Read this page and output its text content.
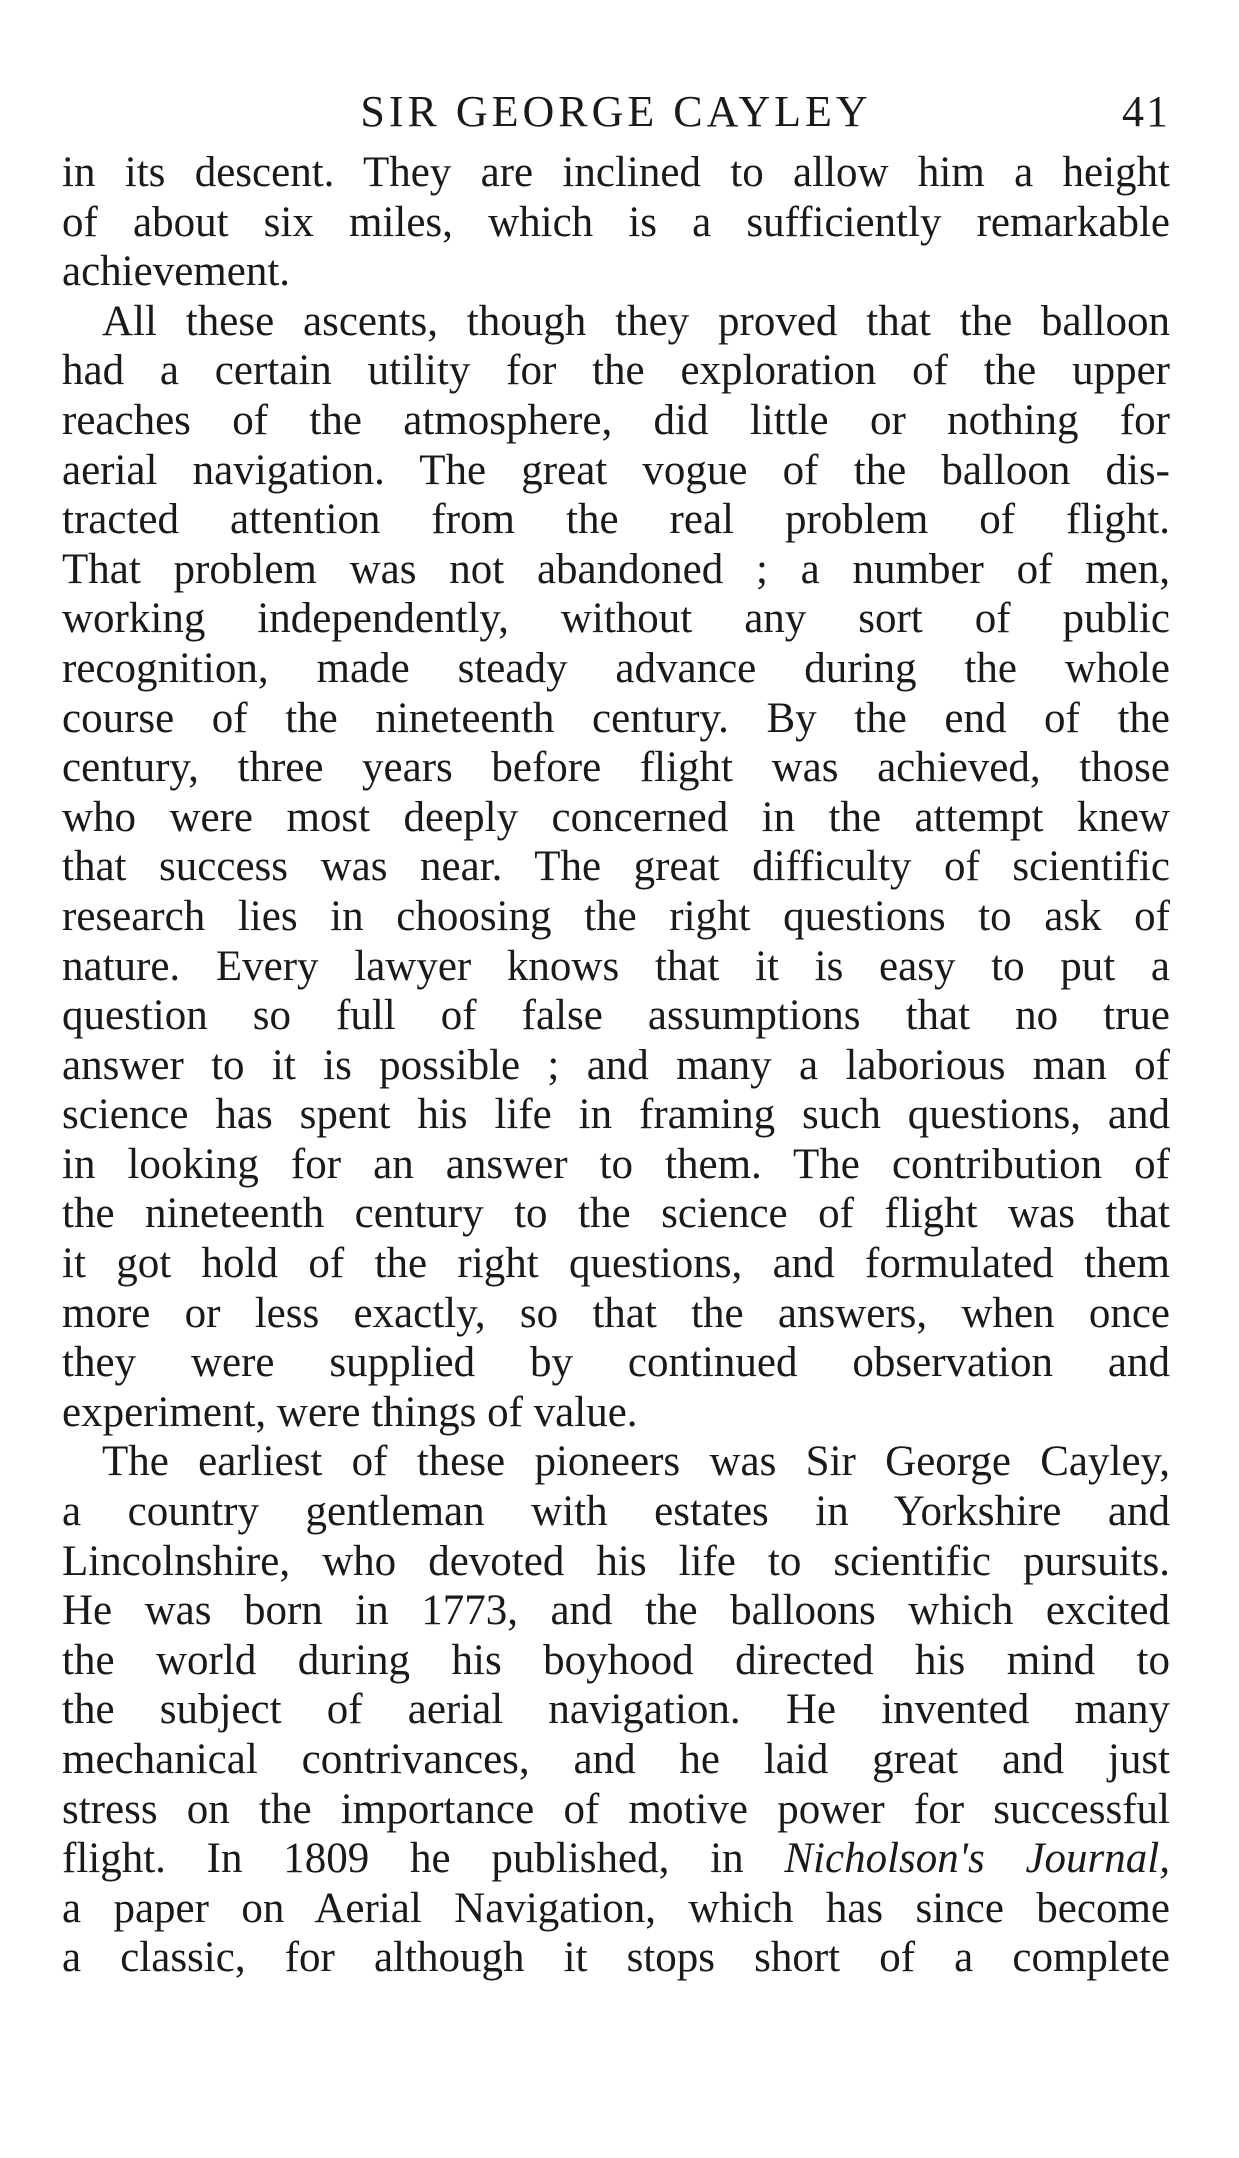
SIR GEORGE CAYLEY	41
in its descent. They are inclined to allow him a height
of about six miles, which is a sufficiently remarkable
achievement.
All these ascents, though they proved that the balloon
had a certain utility for the exploration of the upper
reaches of the atmosphere, did little or nothing for
aerial navigation. The great vogue of the balloon dis-
tracted attention from the real problem of flight.
That problem was not abandoned ; a number of men,
working independently, without any sort of public
recognition, made steady advance during the whole
course of the nineteenth century. By the end of the
century, three years before flight was achieved, those
who were most deeply concerned in the attempt knew
that success was near. The great difficulty of scientific
research lies in choosing the right questions to ask of
nature. Every lawyer knows that it is easy to put a
question so full of false assumptions that no true
answer to it is possible ; and many a laborious man of
science has spent his life in framing such questions, and
in looking for an answer to them. The contribution of
the nineteenth century to the science of flight was that
it got hold of the right questions, and formulated them
more or less exactly, so that the answers, when once
they were supplied by continued observation and
experiment, were things of value.
The earliest of these pioneers was Sir George Cayley,
a country gentleman with estates in Yorkshire and
Lincolnshire, who devoted his life to scientific pursuits.
He was born in 1773, and the balloons which excited
the world during his boyhood directed his mind to
the subject of aerial navigation. He invented many
mechanical contrivances, and he laid great and just
stress on the importance of motive power for successful
flight. In 1809 he published, in Nicholson's Journal,
a paper on Aerial Navigation, which has since become
a classic, for although it stops short of a complete
